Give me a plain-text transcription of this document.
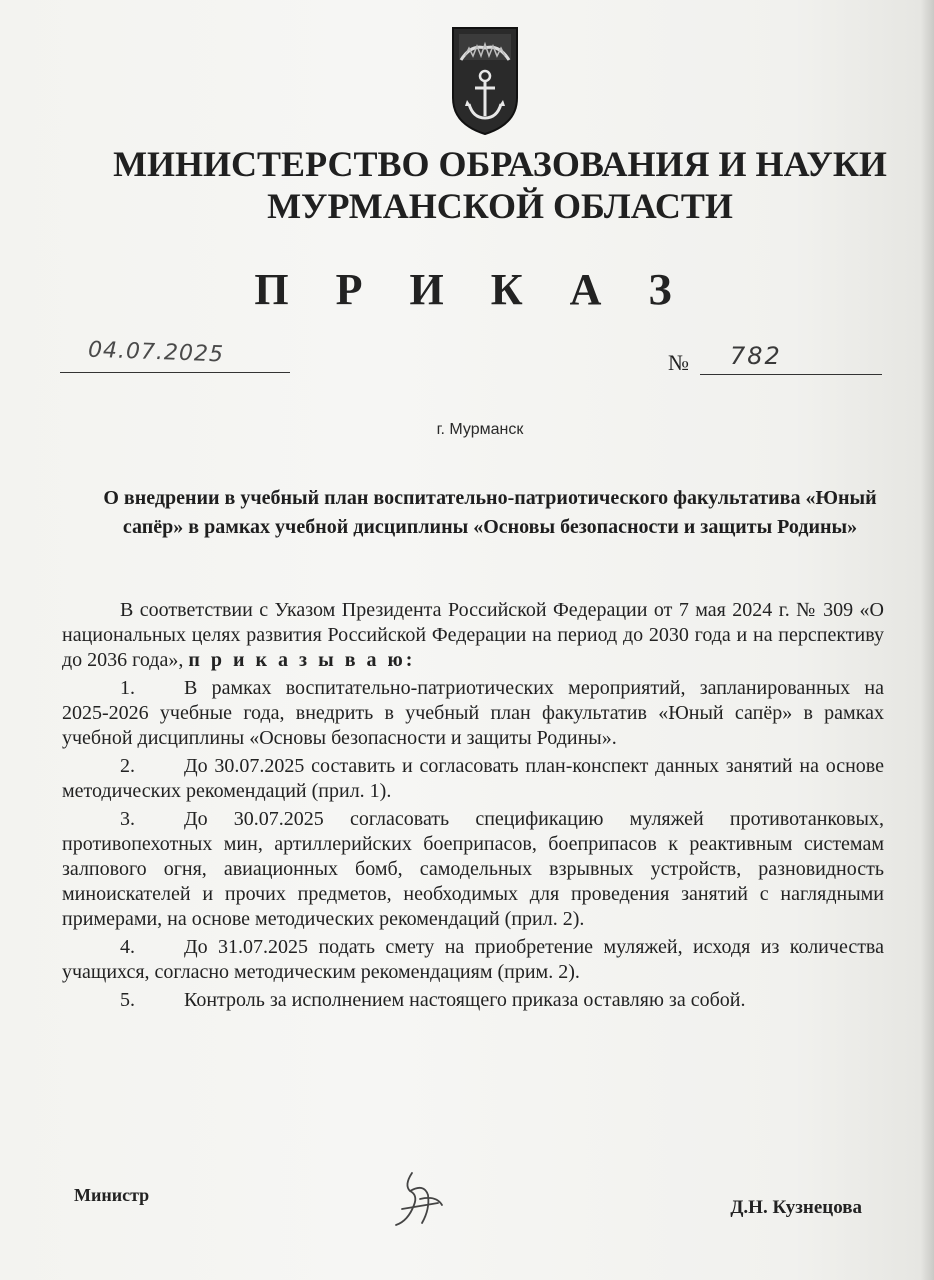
МИНИСТЕРСТВО ОБРАЗОВАНИЯ И НАУКИ
МУРМАНСКОЙ ОБЛАСТИ
П Р И К А З
04.07.2025	№ 782
г. Мурманск
О внедрении в учебный план воспитательно-патриотического факультатива «Юный сапёр» в рамках учебной дисциплины «Основы безопасности и защиты Родины»

В соответствии с Указом Президента Российской Федерации от 7 мая 2024 г. № 309 «О национальных целях развития Российской Федерации на период до 2030 года и на перспективу до 2036 года», п р и к а з ы в а ю:

1. В рамках воспитательно-патриотических мероприятий, запланированных на 2025-2026 учебные года, внедрить в учебный план факультатив «Юный сапёр» в рамках учебной дисциплины «Основы безопасности и защиты Родины».

2. До 30.07.2025 составить и согласовать план-конспект данных занятий на основе методических рекомендаций (прил. 1).

3. До 30.07.2025 согласовать спецификацию муляжей противотанковых, противопехотных мин, артиллерийских боеприпасов, боеприпасов к реактивным системам залпового огня, авиационных бомб, самодельных взрывных устройств, разновидность миноискателей и прочих предметов, необходимых для проведения занятий с наглядными примерами, на основе методических рекомендаций (прил. 2).

4. До 31.07.2025 подать смету на приобретение муляжей, исходя из количества учащихся, согласно методическим рекомендациям (прим. 2).

5. Контроль за исполнением настоящего приказа оставляю за собой.

Министр
Д.Н. Кузнецова
